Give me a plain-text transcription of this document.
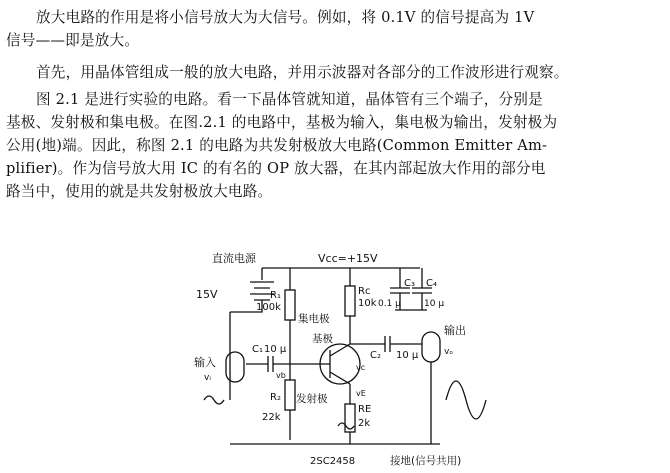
放大电路的作用是将小信号放大为大信号。例如，将 0.1V 的信号提高为 1V
信号——即是放大。
首先，用晶体管组成一般的放大电路，并用示波器对各部分的工作波形进行观察。
图 2.1 是进行实验的电路。看一下晶体管就知道，晶体管有三个端子，分别是
基极、发射极和集电极。在图.2.1 的电路中，基极为输入，集电极为输出，发射极为
公用(地)端。因此，称图 2.1 的电路为共发射极放大电路(Common Emitter Am-
plifier)。作为信号放大用 IC 的有名的 OP 放大器，在其内部起放大作用的部分电
路当中，使用的就是共发射极放大电路。
直流电源	Vcc=+15V
15V	R₁
100k
R₂
22k
Rc
10k
RE
2k
C₁ 10 μ
C₂ 10 μ
C₃
0.1 μ
C₄
10 μ
集电极
基极
发射极
输入
vᵢ
输出
vₒ
vb
vc
vE
2SC2458	接地(信号共用)
